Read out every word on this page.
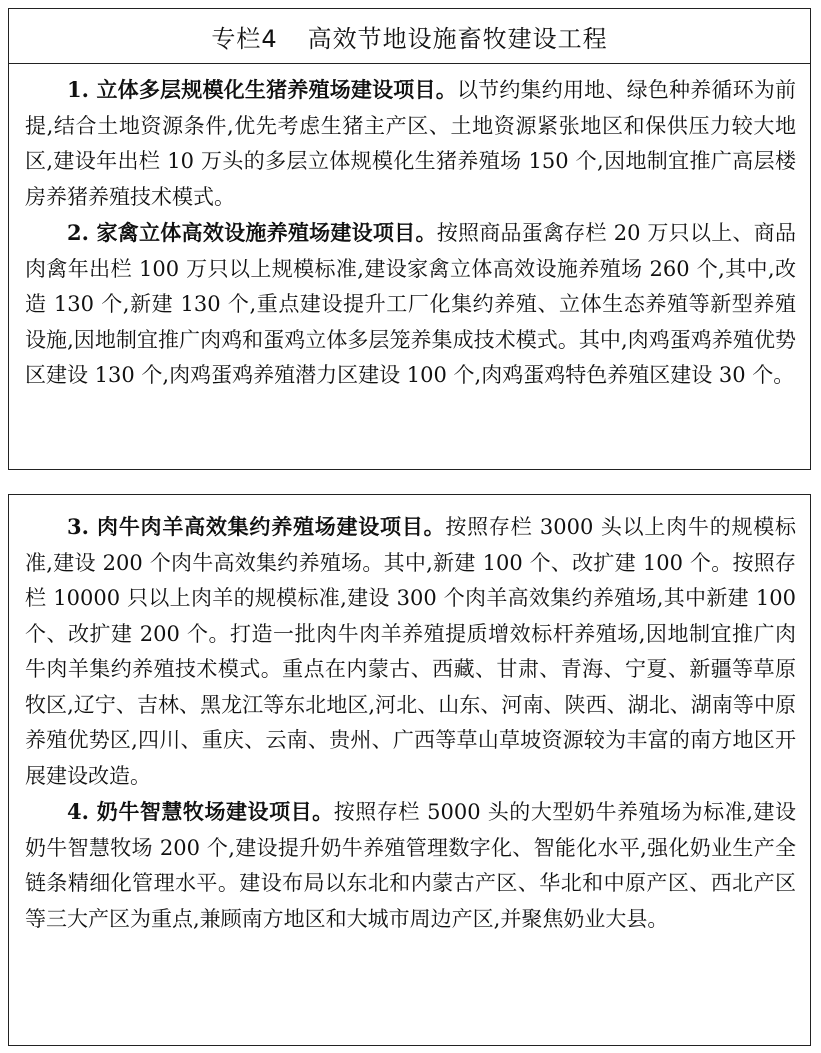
专栏4 高效节地设施畜牧建设工程

1. 立体多层规模化生猪养殖场建设项目。以节约集约用地、绿色种养循环为前提,结合土地资源条件,优先考虑生猪主产区、土地资源紧张地区和保供压力较大地区,建设年出栏 10 万头的多层立体规模化生猪养殖场 150 个,因地制宜推广高层楼房养猪养殖技术模式。

2. 家禽立体高效设施养殖场建设项目。按照商品蛋禽存栏 20 万只以上、商品肉禽年出栏 100 万只以上规模标准,建设家禽立体高效设施养殖场 260 个,其中,改造 130 个,新建 130 个,重点建设提升工厂化集约养殖、立体生态养殖等新型养殖设施,因地制宜推广肉鸡和蛋鸡立体多层笼养集成技术模式。其中,肉鸡蛋鸡养殖优势区建设 130 个,肉鸡蛋鸡养殖潜力区建设 100 个,肉鸡蛋鸡特色养殖区建设 30 个。

3. 肉牛肉羊高效集约养殖场建设项目。按照存栏 3000 头以上肉牛的规模标准,建设 200 个肉牛高效集约养殖场。其中,新建 100 个、改扩建 100 个。按照存栏 10000 只以上肉羊的规模标准,建设 300 个肉羊高效集约养殖场,其中新建 100 个、改扩建 200 个。打造一批肉牛肉羊养殖提质增效标杆养殖场,因地制宜推广肉牛肉羊集约养殖技术模式。重点在内蒙古、西藏、甘肃、青海、宁夏、新疆等草原牧区,辽宁、吉林、黑龙江等东北地区,河北、山东、河南、陕西、湖北、湖南等中原养殖优势区,四川、重庆、云南、贵州、广西等草山草坡资源较为丰富的南方地区开展建设改造。

4. 奶牛智慧牧场建设项目。按照存栏 5000 头的大型奶牛养殖场为标准,建设奶牛智慧牧场 200 个,建设提升奶牛养殖管理数字化、智能化水平,强化奶业生产全链条精细化管理水平。建设布局以东北和内蒙古产区、华北和中原产区、西北产区等三大产区为重点,兼顾南方地区和大城市周边产区,并聚焦奶业大县。
